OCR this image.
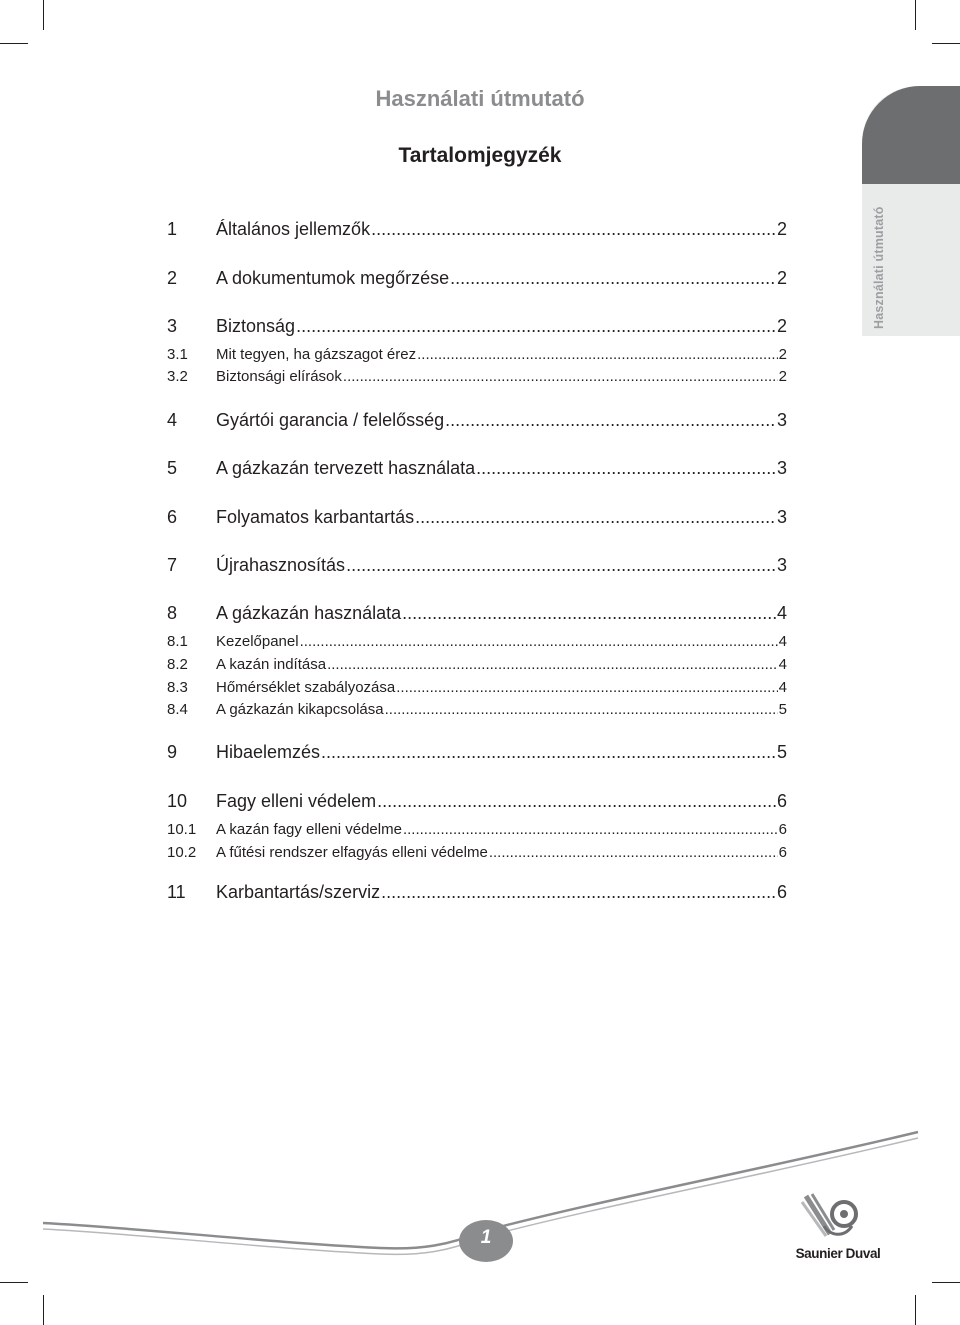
Használati útmutató
Tartalomjegyzék
Használati útmutató
1	Általános jellemzők .....	2
2	A dokumentumok megőrzése .....	2
3	Biztonság .....	2
3.1	Mit tegyen, ha gázszagot érez .....	2
3.2	Biztonsági elírások .....	2
4	Gyártói garancia / felelősség .....	3
5	A gázkazán tervezett használata .....	3
6	Folyamatos karbantartás .....	3
7	Újrahasznosítás .....	3
8	A gázkazán használata .....	4
8.1	Kezelőpanel .....	4
8.2	A kazán indítása .....	4
8.3	Hőmérséklet szabályozása .....	4
8.4	A gázkazán kikapcsolása .....	5
9	Hibaelemzés .....	5
10	Fagy elleni védelem .....	6
10.1	A kazán fagy elleni védelme .....	6
10.2	A fűtési rendszer elfagyás elleni védelme .....	6
11	Karbantartás/szerviz .....	6
1
Saunier Duval
